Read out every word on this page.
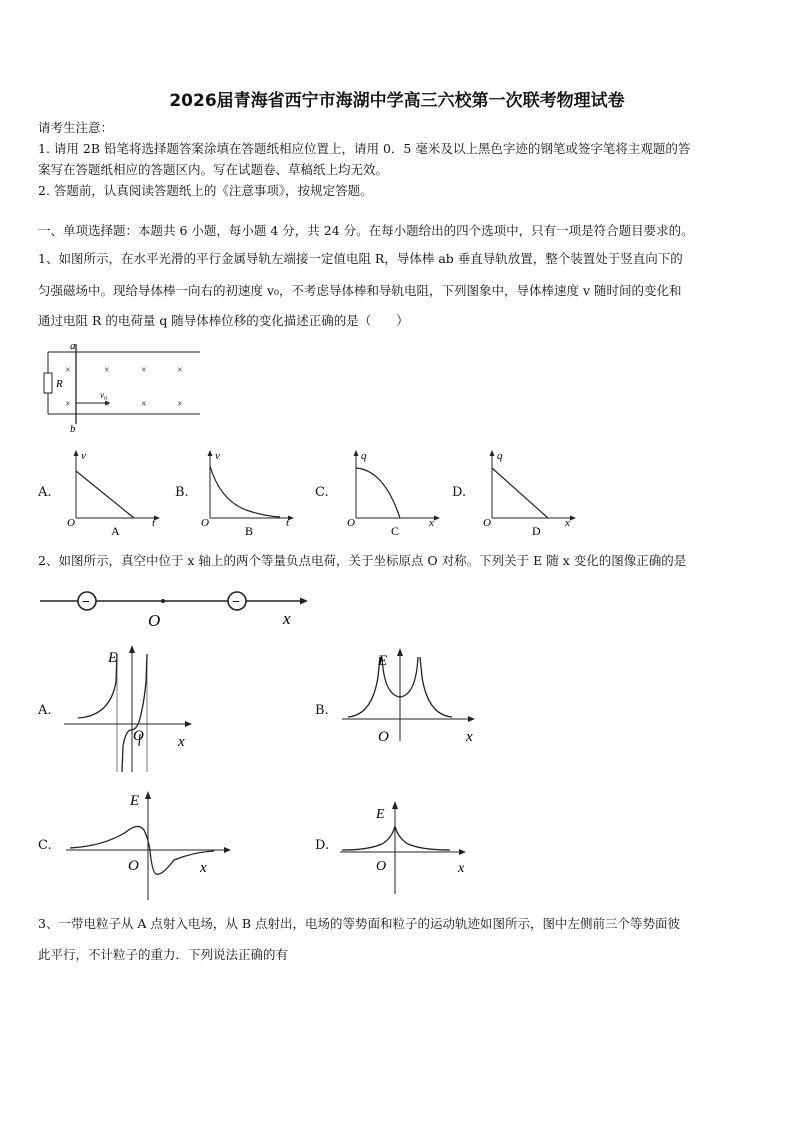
2026届青海省西宁市海湖中学高三六校第一次联考物理试卷
请考生注意：
1. 请用 2B 铅笔将选择题答案涂填在答题纸相应位置上，请用 0．5 毫米及以上黑色字迹的钢笔或签字笔将主观题的答
案写在答题纸相应的答题区内。写在试题卷、草稿纸上均无效。
2. 答题前，认真阅读答题纸上的《注意事项》，按规定答题。
一、单项选择题：本题共 6 小题，每小题 4 分，共 24 分。在每小题给出的四个选项中，只有一项是符合题目要求的。
1、如图所示，在水平光滑的平行金属导轨左端接一定值电阻 R，导体棒 ab 垂直导轨放置，整个装置处于竖直向下的
匀强磁场中。现给导体棒一向右的初速度 v₀，不考虑导体棒和导轨电阻，下列图象中，导体棒速度 v 随时间的变化和
通过电阻 R 的电荷量 q 随导体棒位移的变化描述正确的是（　　）
R
a
b
v₀
×	×	×	×
×	×	×	×
A.
v
t
O
A
B.
v
t
O
B
C.
q
x
O
C
D.
q
x
O
D
2、如图所示，真空中位于 x 轴上的两个等量负点电荷，关于坐标原点 O 对称。下列关于 E 随 x 变化的图像正确的是
−	−
O	x
A.
E
x
O
B.
E
x
O
C.
E
x
O
D.
E
x
O
3、一带电粒子从 A 点射入电场，从 B 点射出，电场的等势面和粒子的运动轨迹如图所示，图中左侧前三个等势面彼
此平行，不计粒子的重力．下列说法正确的有
